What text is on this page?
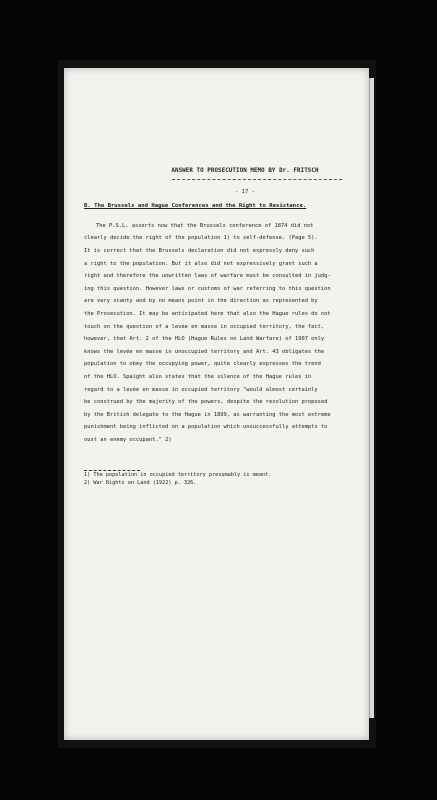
ANSWER TO PROSECUTION MEMO BY Dr. FRITSCH
- 17 -
B. The Brussels and Hague Conferences and the Right to Resistance.
The P.S.L. asserts now that the Brussels conference of 1874 did not
clearly decide the right of the population 1) to self-defense. (Page 5).
It is correct that the Brussels declaration did not expressly deny such
a right to the population. But it also did not expressively grant such a
right and therefore the unwritten laws of warfare must be consulted in judg-
ing this question. However laws or customs of war referring to this question
are very scanty and by no means point in the direction as represented by
the Prosecution. It may be anticipated here that also the Hague rules do not
touch on the question of a levée en masse in occupied territory, the fact,
however, that Art. 2 of the HLO (Hague Rules on Land Warfare) of 1907 only
knows the levée en masse in unoccupied territory and Art. 43 obligates the
population to obey the occupying power, quite clearly expresses the trend
of the HLO. Spaight also states that the silence of the Hague rules in
regard to a levée en masse in occupied territory "would almost certainly
be construed by the majority of the powers, despite the resolution proposed
by the British delegate to the Hague in 1899, as warranting the most extreme
punishment being inflicted on a population which unsuccessfully attempts to
oust an enemy occupant." 2)
1) The population in occupied territory presumably is meant.
2) War Rights on Land (1922) p. 326.
